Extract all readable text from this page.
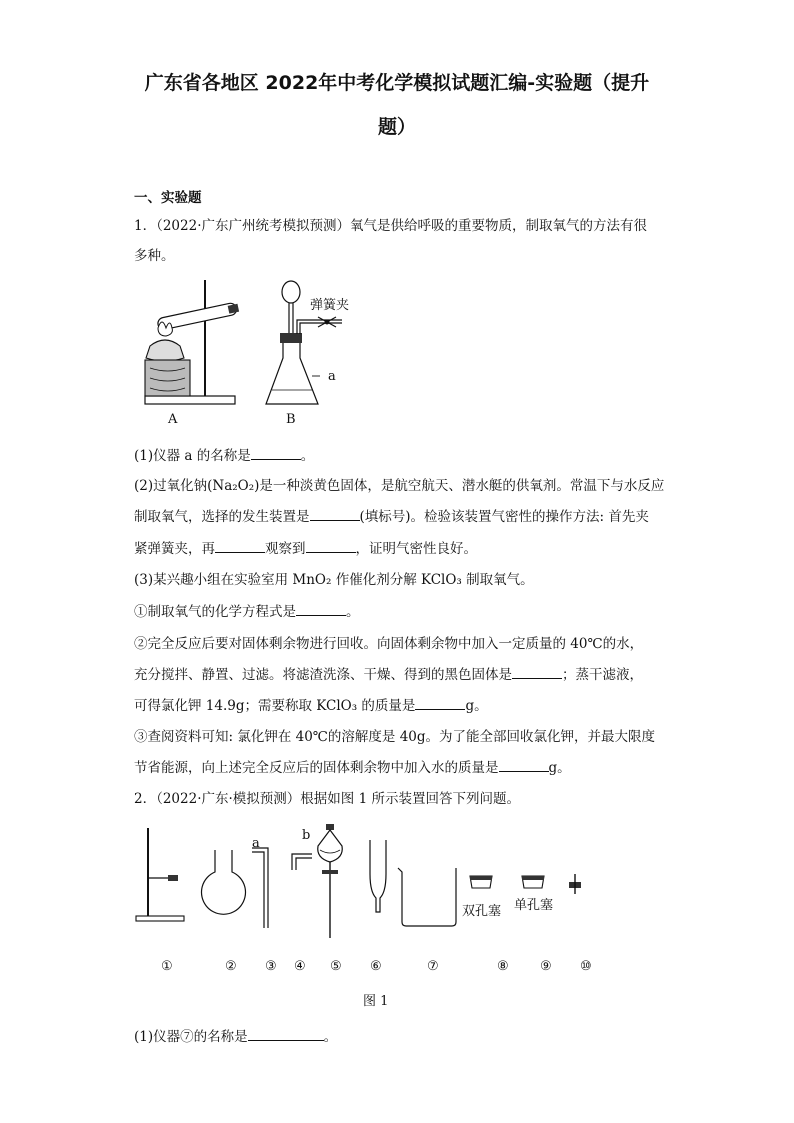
广东省各地区 2022年中考化学模拟试题汇编-实验题（提升
题）
一、实验题
1．（2022·广东广州统考模拟预测）氧气是供给呼吸的重要物质，制取氧气的方法有很
多种。
A
弹簧夹
a
B
(1)仪器 a 的名称是	。
(2)过氧化钠(Na₂O₂)是一种淡黄色固体，是航空航天、潜水艇的供氧剂。常温下与水反应
制取氧气，选择的发生装置是	(填标号)。检验该装置气密性的操作方法: 首先夹
紧弹簧夹，再	观察到	，证明气密性良好。
(3)某兴趣小组在实验室用 MnO₂ 作催化剂分解 KClO₃ 制取氧气。
①制取氧气的化学方程式是	。
②完全反应后要对固体剩余物进行回收。向固体剩余物中加入一定质量的 40℃的水，
充分搅拌、静置、过滤。将滤渣洗涤、干燥、得到的黑色固体是	；蒸干滤液，
可得氯化钾 14.9g；需要称取 KClO₃ 的质量是	g。
③查阅资料可知: 氯化钾在 40℃的溶解度是 40g。为了能全部回收氯化钾，并最大限度
节省能源，向上述完全反应后的固体剩余物中加入水的质量是	g。
2．（2022·广东·模拟预测）根据如图 1 所示装置回答下列问题。
a
b
双孔塞 单孔塞
①	② ③ ④ ⑤ ⑥	⑦	⑧ ⑨ ⑩
图 1
(1)仪器⑦的名称是	。
